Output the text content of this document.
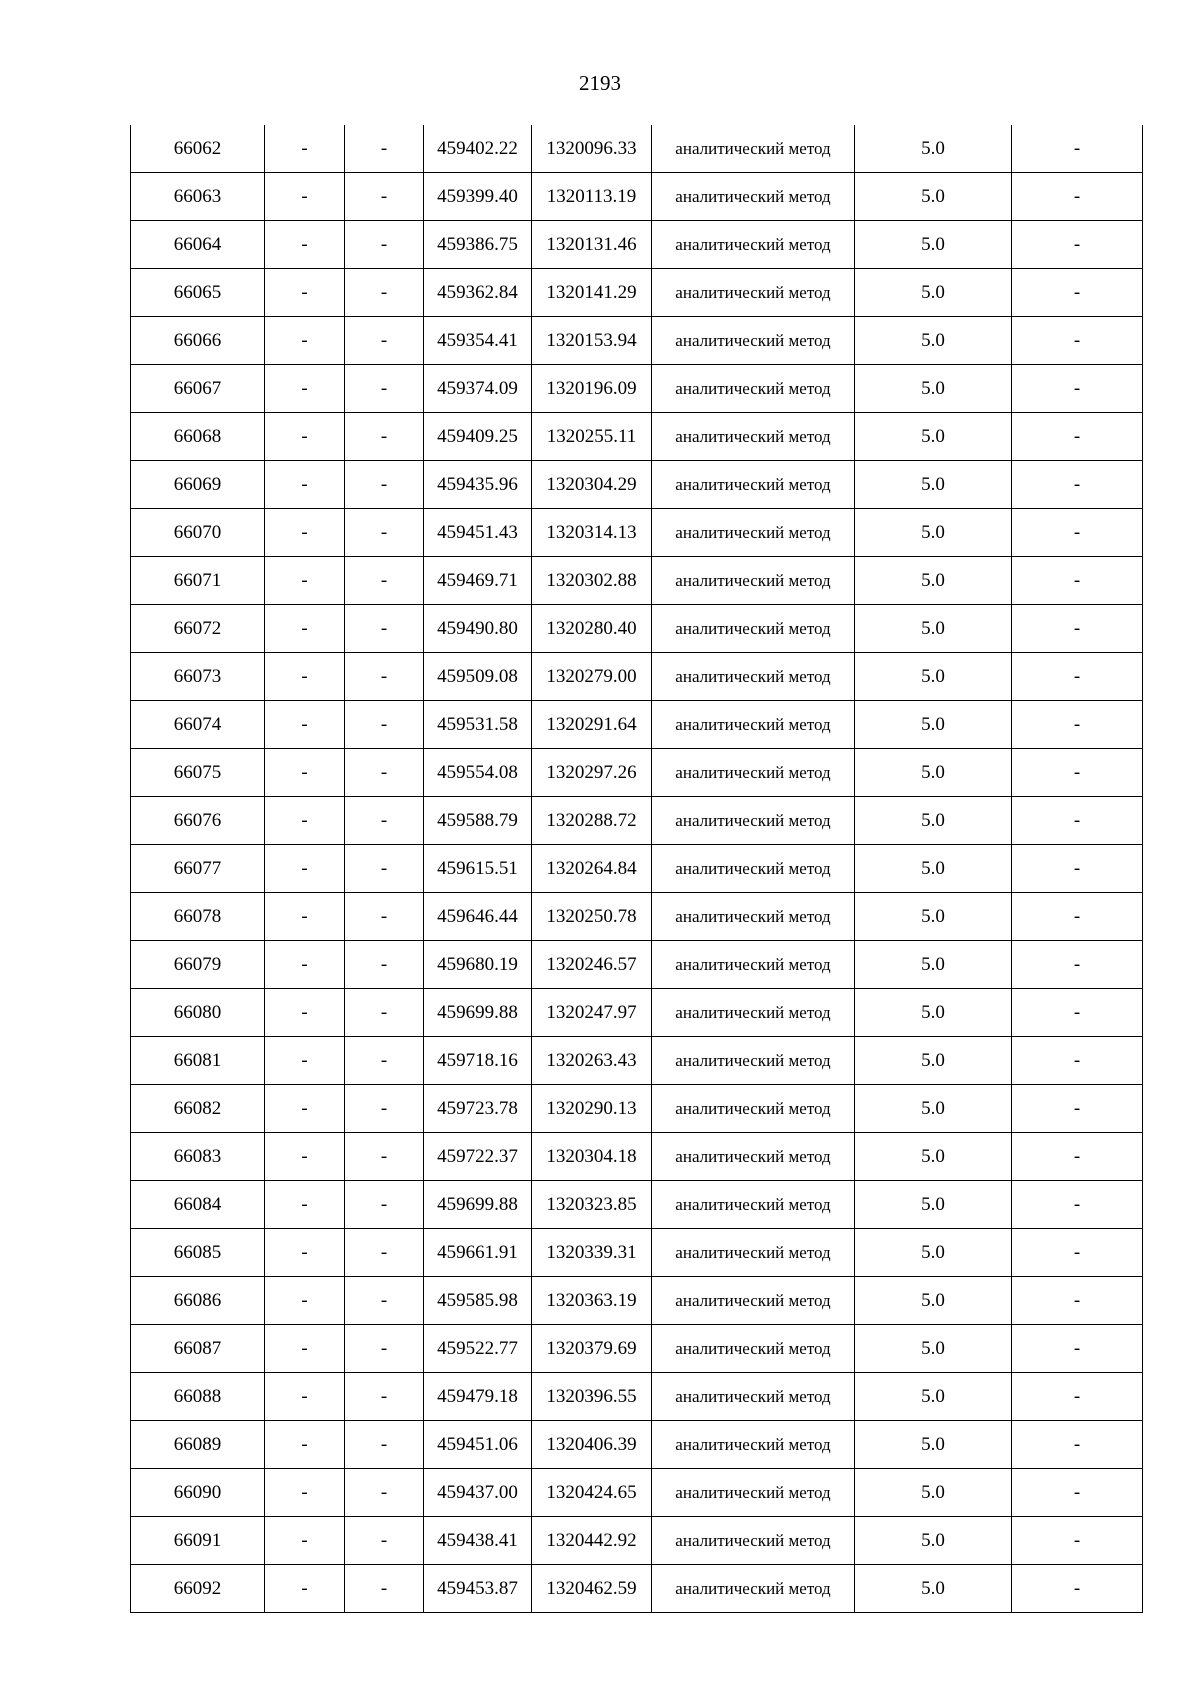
2193
66062	-	-	459402.22	1320096.33	аналитический метод	5.0	-
66063	-	-	459399.40	1320113.19	аналитический метод	5.0	-
66064	-	-	459386.75	1320131.46	аналитический метод	5.0	-
66065	-	-	459362.84	1320141.29	аналитический метод	5.0	-
66066	-	-	459354.41	1320153.94	аналитический метод	5.0	-
66067	-	-	459374.09	1320196.09	аналитический метод	5.0	-
66068	-	-	459409.25	1320255.11	аналитический метод	5.0	-
66069	-	-	459435.96	1320304.29	аналитический метод	5.0	-
66070	-	-	459451.43	1320314.13	аналитический метод	5.0	-
66071	-	-	459469.71	1320302.88	аналитический метод	5.0	-
66072	-	-	459490.80	1320280.40	аналитический метод	5.0	-
66073	-	-	459509.08	1320279.00	аналитический метод	5.0	-
66074	-	-	459531.58	1320291.64	аналитический метод	5.0	-
66075	-	-	459554.08	1320297.26	аналитический метод	5.0	-
66076	-	-	459588.79	1320288.72	аналитический метод	5.0	-
66077	-	-	459615.51	1320264.84	аналитический метод	5.0	-
66078	-	-	459646.44	1320250.78	аналитический метод	5.0	-
66079	-	-	459680.19	1320246.57	аналитический метод	5.0	-
66080	-	-	459699.88	1320247.97	аналитический метод	5.0	-
66081	-	-	459718.16	1320263.43	аналитический метод	5.0	-
66082	-	-	459723.78	1320290.13	аналитический метод	5.0	-
66083	-	-	459722.37	1320304.18	аналитический метод	5.0	-
66084	-	-	459699.88	1320323.85	аналитический метод	5.0	-
66085	-	-	459661.91	1320339.31	аналитический метод	5.0	-
66086	-	-	459585.98	1320363.19	аналитический метод	5.0	-
66087	-	-	459522.77	1320379.69	аналитический метод	5.0	-
66088	-	-	459479.18	1320396.55	аналитический метод	5.0	-
66089	-	-	459451.06	1320406.39	аналитический метод	5.0	-
66090	-	-	459437.00	1320424.65	аналитический метод	5.0	-
66091	-	-	459438.41	1320442.92	аналитический метод	5.0	-
66092	-	-	459453.87	1320462.59	аналитический метод	5.0	-
